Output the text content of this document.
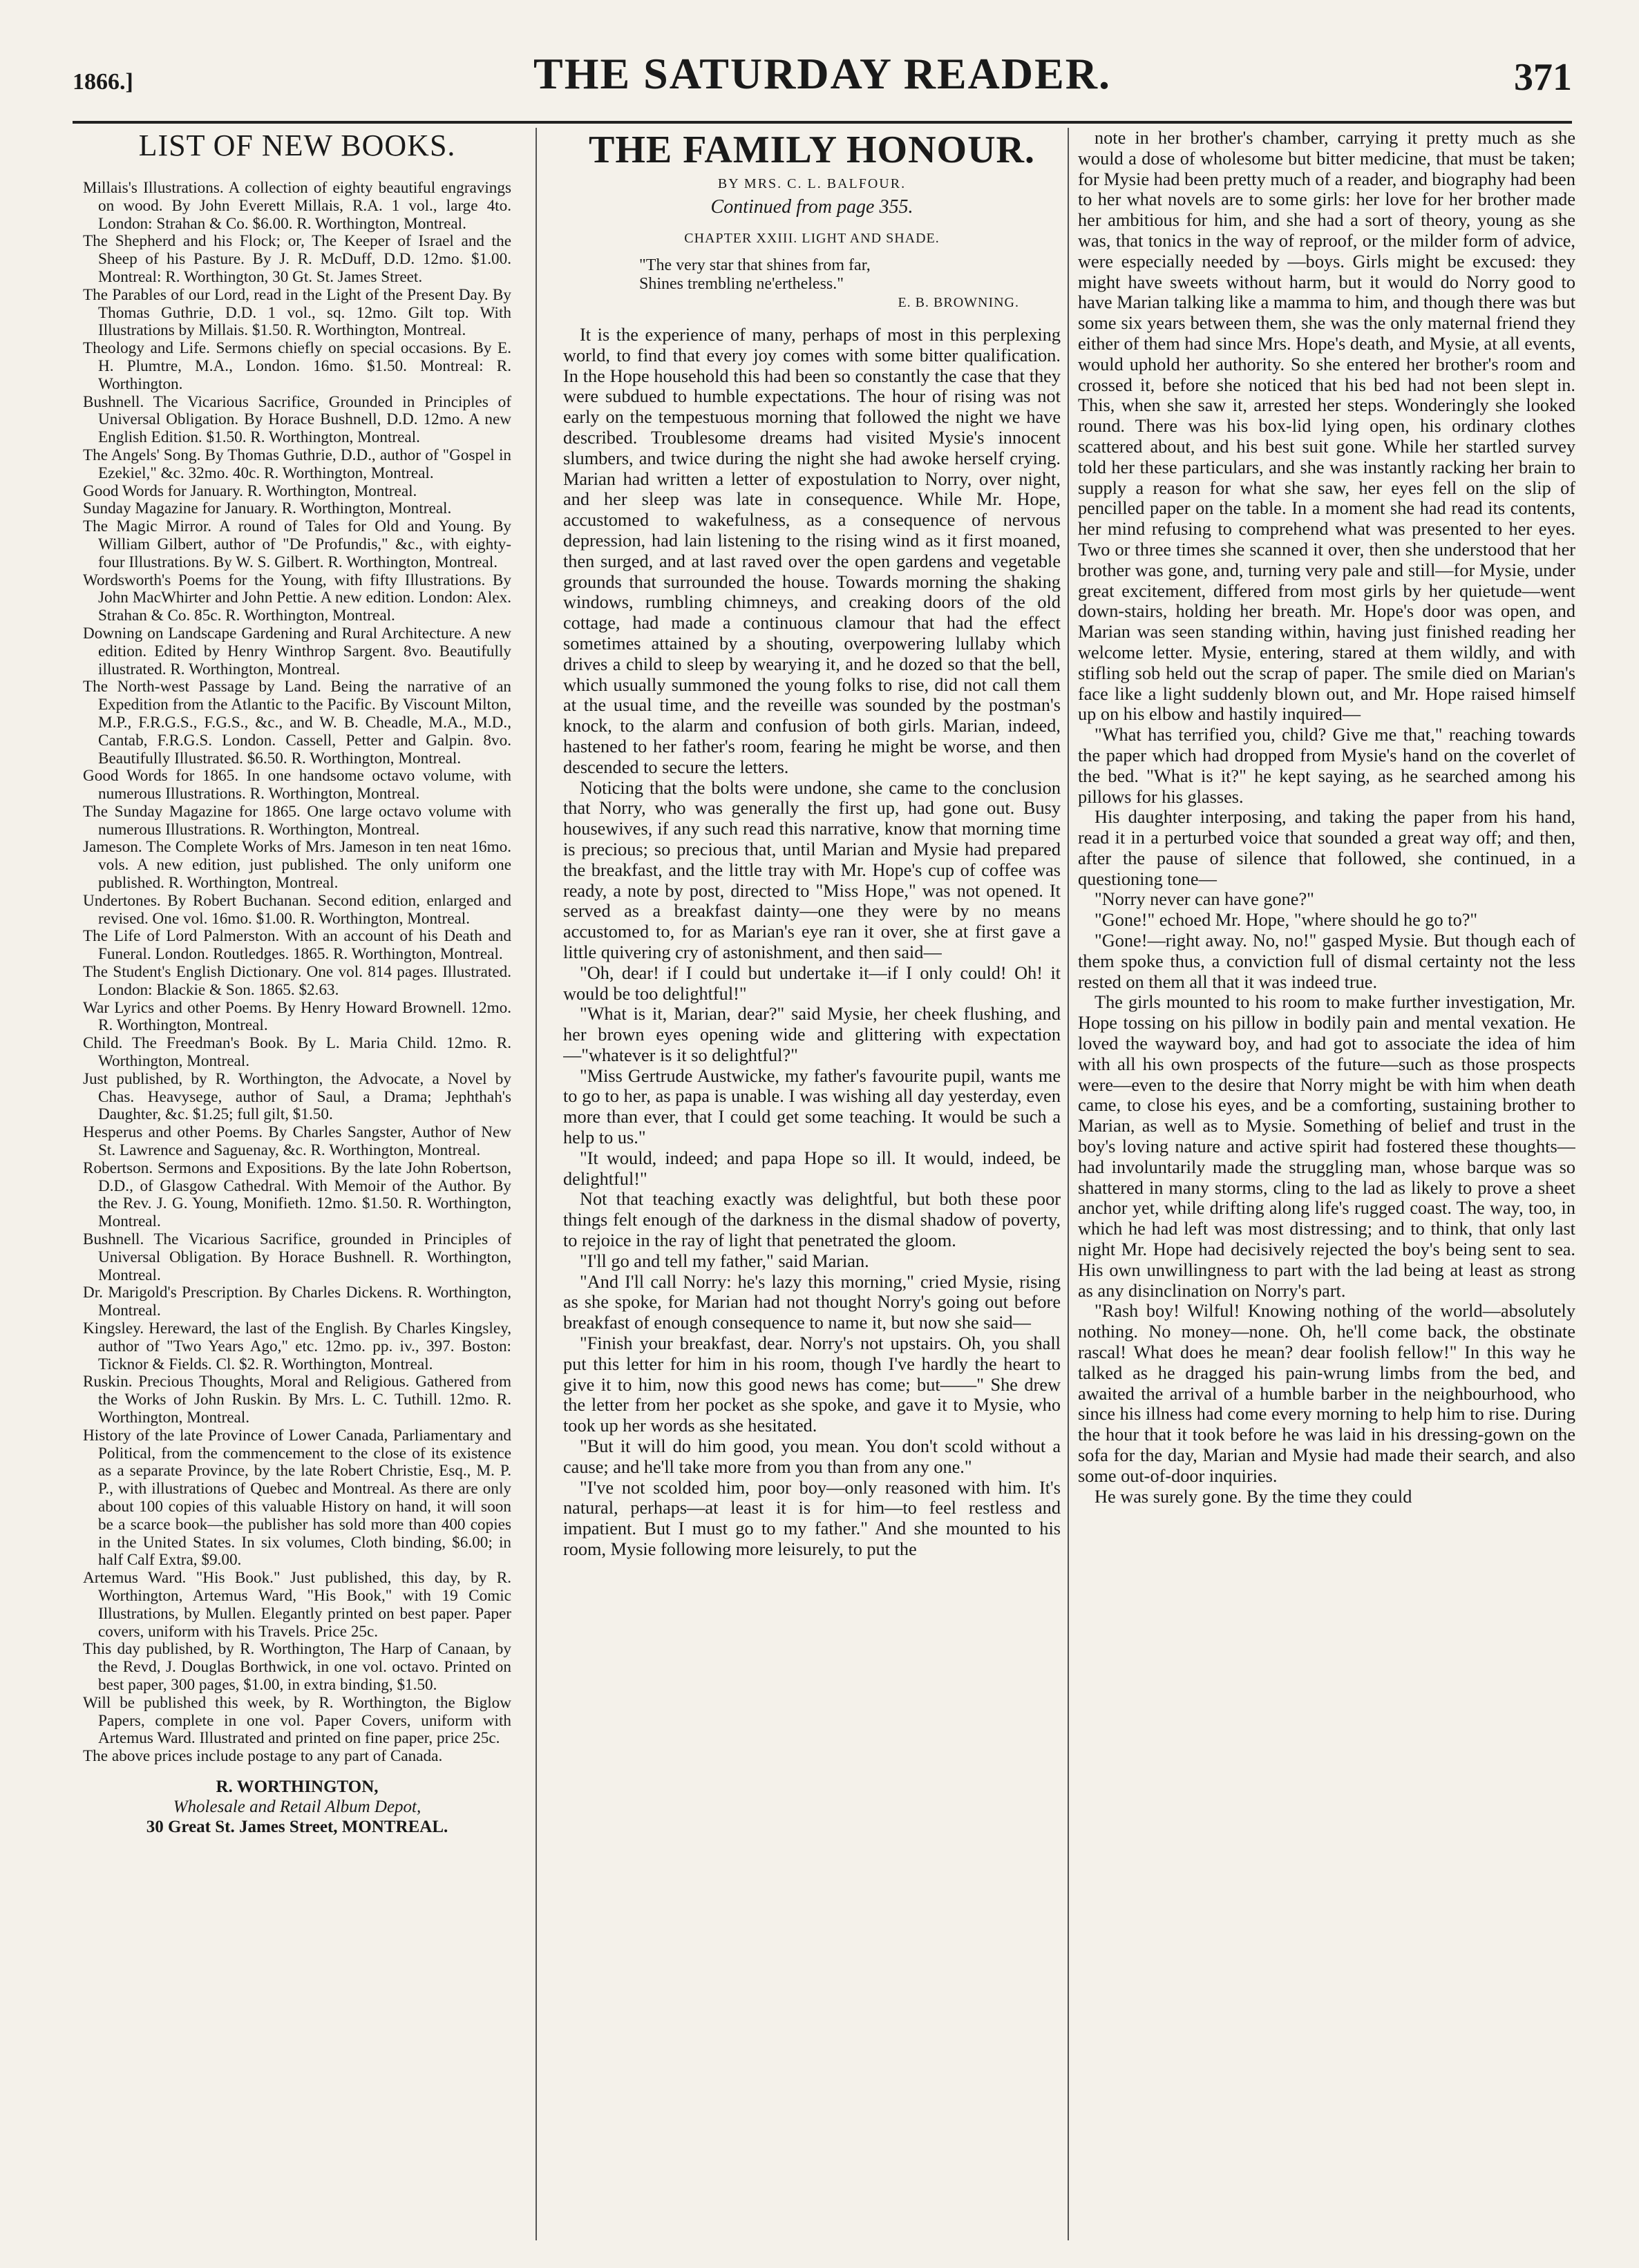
1866.]	THE SATURDAY READER.	371
LIST OF NEW BOOKS.

Millais's Illustrations. A collection of eighty beautiful engravings on wood. By John Everett Millais, R.A. 1 vol., large 4to. London: Strahan & Co. $6.00. R. Worthington, Montreal.

The Shepherd and his Flock; or, The Keeper of Israel and the Sheep of his Pasture. By J. R. McDuff, D.D. 12mo. $1.00. Montreal: R. Worthington, 30 Gt. St. James Street.

The Parables of our Lord, read in the Light of the Present Day. By Thomas Guthrie, D.D. 1 vol., sq. 12mo. Gilt top. With Illustrations by Millais. $1.50. R. Worthington, Montreal.

Theology and Life. Sermons chiefly on special occasions. By E. H. Plumtre, M.A., London. 16mo. $1.50. Montreal: R. Worthington.

Bushnell. The Vicarious Sacrifice, Grounded in Principles of Universal Obligation. By Horace Bushnell, D.D. 12mo. A new English Edition. $1.50. R. Worthington, Montreal.

The Angels' Song. By Thomas Guthrie, D.D., author of "Gospel in Ezekiel," &c. 32mo. 40c. R. Worthington, Montreal.

Good Words for January. R. Worthington, Montreal.

Sunday Magazine for January. R. Worthington, Montreal.

The Magic Mirror. A round of Tales for Old and Young. By William Gilbert, author of "De Profundis," &c., with eighty-four Illustrations. By W. S. Gilbert. R. Worthington, Montreal.

Wordsworth's Poems for the Young, with fifty Illustrations. By John MacWhirter and John Pettie. A new edition. London: Alex. Strahan & Co. 85c. R. Worthington, Montreal.

Downing on Landscape Gardening and Rural Architecture. A new edition. Edited by Henry Winthrop Sargent. 8vo. Beautifully illustrated. R. Worthington, Montreal.

The North-west Passage by Land. Being the narrative of an Expedition from the Atlantic to the Pacific. By Viscount Milton, M.P., F.R.G.S., F.G.S., &c., and W. B. Cheadle, M.A., M.D., Cantab, F.R.G.S. London. Cassell, Petter and Galpin. 8vo. Beautifully Illustrated. $6.50. R. Worthington, Montreal.

Good Words for 1865. In one handsome octavo volume, with numerous Illustrations. R. Worthington, Montreal.

The Sunday Magazine for 1865. One large octavo volume with numerous Illustrations. R. Worthington, Montreal.

Jameson. The Complete Works of Mrs. Jameson in ten neat 16mo. vols. A new edition, just published. The only uniform one published. R. Worthington, Montreal.

Undertones. By Robert Buchanan. Second edition, enlarged and revised. One vol. 16mo. $1.00. R. Worthington, Montreal.

The Life of Lord Palmerston. With an account of his Death and Funeral. London. Routledges. 1865. R. Worthington, Montreal.

The Student's English Dictionary. One vol. 814 pages. Illustrated. London: Blackie & Son. 1865. $2.63.

War Lyrics and other Poems. By Henry Howard Brownell. 12mo. R. Worthington, Montreal.

Child. The Freedman's Book. By L. Maria Child. 12mo. R. Worthington, Montreal.

Just published, by R. Worthington, the Advocate, a Novel by Chas. Heavysege, author of Saul, a Drama; Jephthah's Daughter, &c. $1.25; full gilt, $1.50.

Hesperus and other Poems. By Charles Sangster, Author of New St. Lawrence and Saguenay, &c. R. Worthington, Montreal.

Robertson. Sermons and Expositions. By the late John Robertson, D.D., of Glasgow Cathedral. With Memoir of the Author. By the Rev. J. G. Young, Monifieth. 12mo. $1.50. R. Worthington, Montreal.

Bushnell. The Vicarious Sacrifice, grounded in Principles of Universal Obligation. By Horace Bushnell. R. Worthington, Montreal.

Dr. Marigold's Prescription. By Charles Dickens. R. Worthington, Montreal.

Kingsley. Hereward, the last of the English. By Charles Kingsley, author of "Two Years Ago," etc. 12mo. pp. iv., 397. Boston: Ticknor & Fields. Cl. $2. R. Worthington, Montreal.

Ruskin. Precious Thoughts, Moral and Religious. Gathered from the Works of John Ruskin. By Mrs. L. C. Tuthill. 12mo. R. Worthington, Montreal.

History of the late Province of Lower Canada, Parliamentary and Political, from the commencement to the close of its existence as a separate Province, by the late Robert Christie, Esq., M. P. P., with illustrations of Quebec and Montreal. As there are only about 100 copies of this valuable History on hand, it will soon be a scarce book—the publisher has sold more than 400 copies in the United States. In six volumes, Cloth binding, $6.00; in half Calf Extra, $9.00.

Artemus Ward. "His Book." Just published, this day, by R. Worthington, Artemus Ward, "His Book," with 19 Comic Illustrations, by Mullen. Elegantly printed on best paper. Paper covers, uniform with his Travels. Price 25c.

This day published, by R. Worthington, The Harp of Canaan, by the Revd, J. Douglas Borthwick, in one vol. octavo. Printed on best paper, 300 pages, $1.00, in extra binding, $1.50.

Will be published this week, by R. Worthington, the Biglow Papers, complete in one vol. Paper Covers, uniform with Artemus Ward. Illustrated and printed on fine paper, price 25c.

The above prices include postage to any part of Canada.

R. WORTHINGTON,
Wholesale and Retail Album Depot,
30 Great St. James Street, MONTREAL.
THE FAMILY HONOUR.
BY MRS. C. L. BALFOUR.
Continued from page 355.
CHAPTER XXIII. LIGHT AND SHADE.
"The very star that shines from far,
Shines trembling ne'ertheless."
E. B. BROWNING.

It is the experience of many, perhaps of most in this perplexing world, to find that every joy comes with some bitter qualification. In the Hope household this had been so constantly the case that they were subdued to humble expectations. The hour of rising was not early on the tempestuous morning that followed the night we have described. Troublesome dreams had visited Mysie's innocent slumbers, and twice during the night she had awoke herself crying. Marian had written a letter of expostulation to Norry, over night, and her sleep was late in consequence. While Mr. Hope, accustomed to wakefulness, as a consequence of nervous depression, had lain listening to the rising wind as it first moaned, then surged, and at last raved over the open gardens and vegetable grounds that surrounded the house. Towards morning the shaking windows, rumbling chimneys, and creaking doors of the old cottage, had made a continuous clamour that had the effect sometimes attained by a shouting, overpowering lullaby which drives a child to sleep by wearying it, and he dozed so that the bell, which usually summoned the young folks to rise, did not call them at the usual time, and the reveille was sounded by the postman's knock, to the alarm and confusion of both girls. Marian, indeed, hastened to her father's room, fearing he might be worse, and then descended to secure the letters.

Noticing that the bolts were undone, she came to the conclusion that Norry, who was generally the first up, had gone out. Busy housewives, if any such read this narrative, know that morning time is precious; so precious that, until Marian and Mysie had prepared the breakfast, and the little tray with Mr. Hope's cup of coffee was ready, a note by post, directed to "Miss Hope," was not opened. It served as a breakfast dainty—one they were by no means accustomed to, for as Marian's eye ran it over, she at first gave a little quivering cry of astonishment, and then said—

"Oh, dear! if I could but undertake it—if I only could! Oh! it would be too delightful!"

"What is it, Marian, dear?" said Mysie, her cheek flushing, and her brown eyes opening wide and glittering with expectation—"whatever is it so delightful?"

"Miss Gertrude Austwicke, my father's favourite pupil, wants me to go to her, as papa is unable. I was wishing all day yesterday, even more than ever, that I could get some teaching. It would be such a help to us."

"It would, indeed; and papa Hope so ill. It would, indeed, be delightful!"

Not that teaching exactly was delightful, but both these poor things felt enough of the darkness in the dismal shadow of poverty, to rejoice in the ray of light that penetrated the gloom.

"I'll go and tell my father," said Marian.

"And I'll call Norry: he's lazy this morning," cried Mysie, rising as she spoke, for Marian had not thought Norry's going out before breakfast of enough consequence to name it, but now she said—

"Finish your breakfast, dear. Norry's not upstairs. Oh, you shall put this letter for him in his room, though I've hardly the heart to give it to him, now this good news has come; but——" She drew the letter from her pocket as she spoke, and gave it to Mysie, who took up her words as she hesitated.

"But it will do him good, you mean. You don't scold without a cause; and he'll take more from you than from any one."

"I've not scolded him, poor boy—only reasoned with him. It's natural, perhaps—at least it is for him—to feel restless and impatient. But I must go to my father." And she mounted to his room, Mysie following more leisurely, to put the

note in her brother's chamber, carrying it pretty much as she would a dose of wholesome but bitter medicine, that must be taken; for Mysie had been pretty much of a reader, and biography had been to her what novels are to some girls: her love for her brother made her ambitious for him, and she had a sort of theory, young as she was, that tonics in the way of reproof, or the milder form of advice, were especially needed by —boys. Girls might be excused: they might have sweets without harm, but it would do Norry good to have Marian talking like a mamma to him, and though there was but some six years between them, she was the only maternal friend they either of them had since Mrs. Hope's death, and Mysie, at all events, would uphold her authority. So she entered her brother's room and crossed it, before she noticed that his bed had not been slept in. This, when she saw it, arrested her steps. Wonderingly she looked round. There was his box-lid lying open, his ordinary clothes scattered about, and his best suit gone. While her startled survey told her these particulars, and she was instantly racking her brain to supply a reason for what she saw, her eyes fell on the slip of pencilled paper on the table. In a moment she had read its contents, her mind refusing to comprehend what was presented to her eyes. Two or three times she scanned it over, then she understood that her brother was gone, and, turning very pale and still—for Mysie, under great excitement, differed from most girls by her quietude—went down-stairs, holding her breath. Mr. Hope's door was open, and Marian was seen standing within, having just finished reading her welcome letter. Mysie, entering, stared at them wildly, and with stifling sob held out the scrap of paper. The smile died on Marian's face like a light suddenly blown out, and Mr. Hope raised himself up on his elbow and hastily inquired—

"What has terrified you, child? Give me that," reaching towards the paper which had dropped from Mysie's hand on the coverlet of the bed. "What is it?" he kept saying, as he searched among his pillows for his glasses.

His daughter interposing, and taking the paper from his hand, read it in a perturbed voice that sounded a great way off; and then, after the pause of silence that followed, she continued, in a questioning tone—

"Norry never can have gone?"

"Gone!" echoed Mr. Hope, "where should he go to?"

"Gone!—right away. No, no!" gasped Mysie. But though each of them spoke thus, a conviction full of dismal certainty not the less rested on them all that it was indeed true.

The girls mounted to his room to make further investigation, Mr. Hope tossing on his pillow in bodily pain and mental vexation. He loved the wayward boy, and had got to associate the idea of him with all his own prospects of the future—such as those prospects were—even to the desire that Norry might be with him when death came, to close his eyes, and be a comforting, sustaining brother to Marian, as well as to Mysie. Something of belief and trust in the boy's loving nature and active spirit had fostered these thoughts—had involuntarily made the struggling man, whose barque was so shattered in many storms, cling to the lad as likely to prove a sheet anchor yet, while drifting along life's rugged coast. The way, too, in which he had left was most distressing; and to think, that only last night Mr. Hope had decisively rejected the boy's being sent to sea. His own unwillingness to part with the lad being at least as strong as any disinclination on Norry's part.

"Rash boy! Wilful! Knowing nothing of the world—absolutely nothing. No money—none. Oh, he'll come back, the obstinate rascal! What does he mean? dear foolish fellow!" In this way he talked as he dragged his pain-wrung limbs from the bed, and awaited the arrival of a humble barber in the neighbourhood, who since his illness had come every morning to help him to rise. During the hour that it took before he was laid in his dressing-gown on the sofa for the day, Marian and Mysie had made their search, and also some out-of-door inquiries.

He was surely gone. By the time they could
